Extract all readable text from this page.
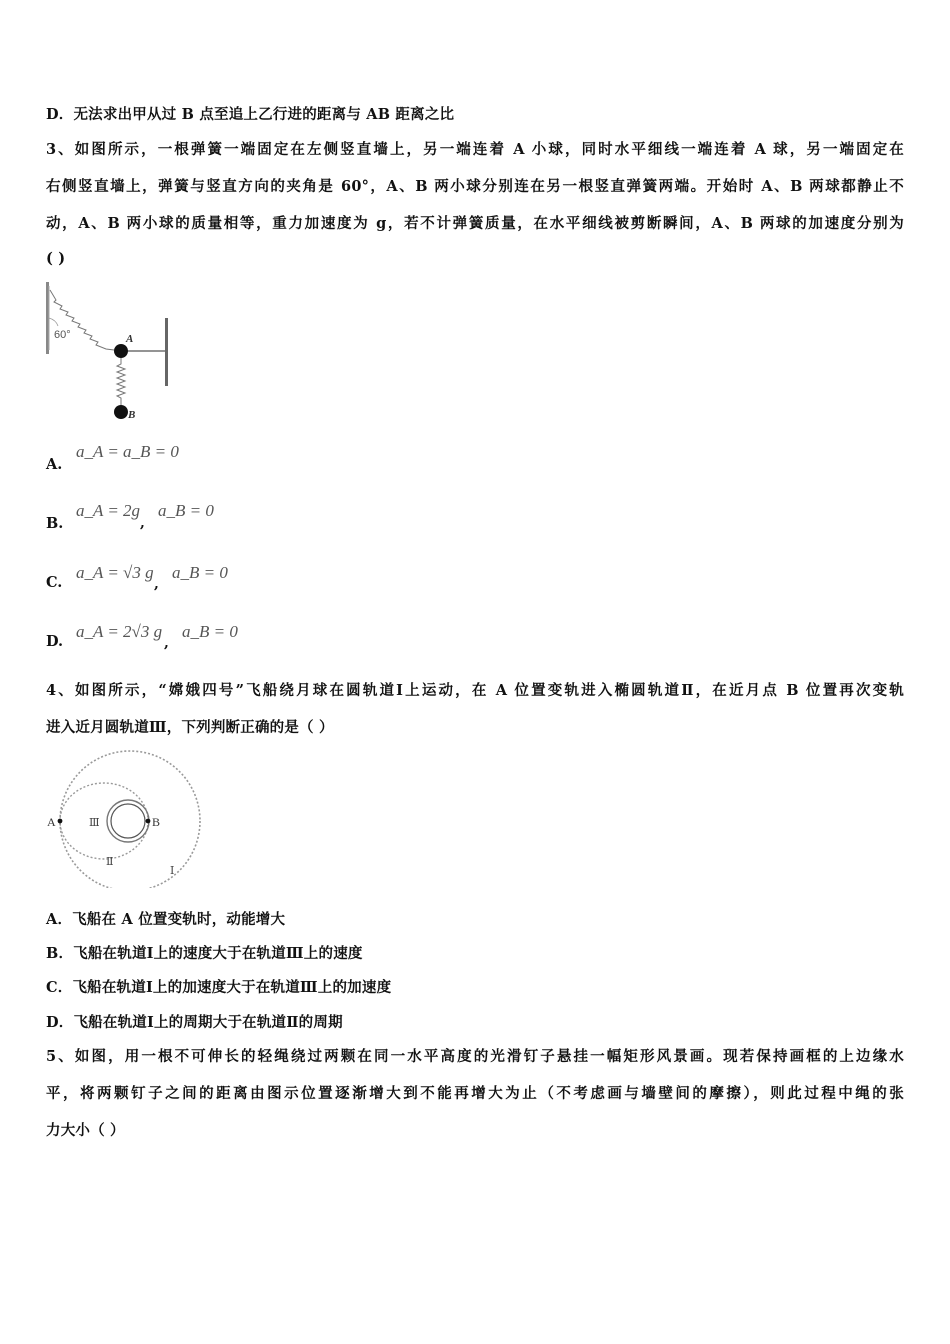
D．无法求出甲从过 B 点至追上乙行进的距离与 AB 距离之比
3、如图所示，一根弹簧一端固定在左侧竖直墙上，另一端连着 A 小球，同时水平细线一端连着 A 球，另一端固定在
右侧竖直墙上，弹簧与竖直方向的夹角是 60°，A、B 两小球分别连在另一根竖直弹簧两端。开始时 A、B 两球都静止不
动，A、B 两小球的质量相等，重力加速度为 g，若不计弹簧质量，在水平细线被剪断瞬间，A、B 两球的加速度分别为
( )
60°	A
B
A.
a_A = a_B = 0
B.
a_A = 2g
,
a_B = 0
C.
a_A = √3 g
,
a_B = 0
D.
a_A = 2√3 g
,
a_B = 0
4、如图所示，“嫦娥四号”飞船绕月球在圆轨道Ⅰ上运动，在 A 位置变轨进入椭圆轨道Ⅱ，在近月点 B 位置再次变轨
进入近月圆轨道Ⅲ，下列判断正确的是（ ）
A	B
Ⅲ
Ⅱ
Ⅰ
A．飞船在 A 位置变轨时，动能增大
B．飞船在轨道Ⅰ上的速度大于在轨道Ⅲ上的速度
C．飞船在轨道Ⅰ上的加速度大于在轨道Ⅲ上的加速度
D．飞船在轨道Ⅰ上的周期大于在轨道Ⅱ的周期
5、如图，用一根不可伸长的轻绳绕过两颗在同一水平高度的光滑钉子悬挂一幅矩形风景画。现若保持画框的上边缘水
平，将两颗钉子之间的距离由图示位置逐渐增大到不能再增大为止（不考虑画与墙壁间的摩擦），则此过程中绳的张
力大小（ ）
